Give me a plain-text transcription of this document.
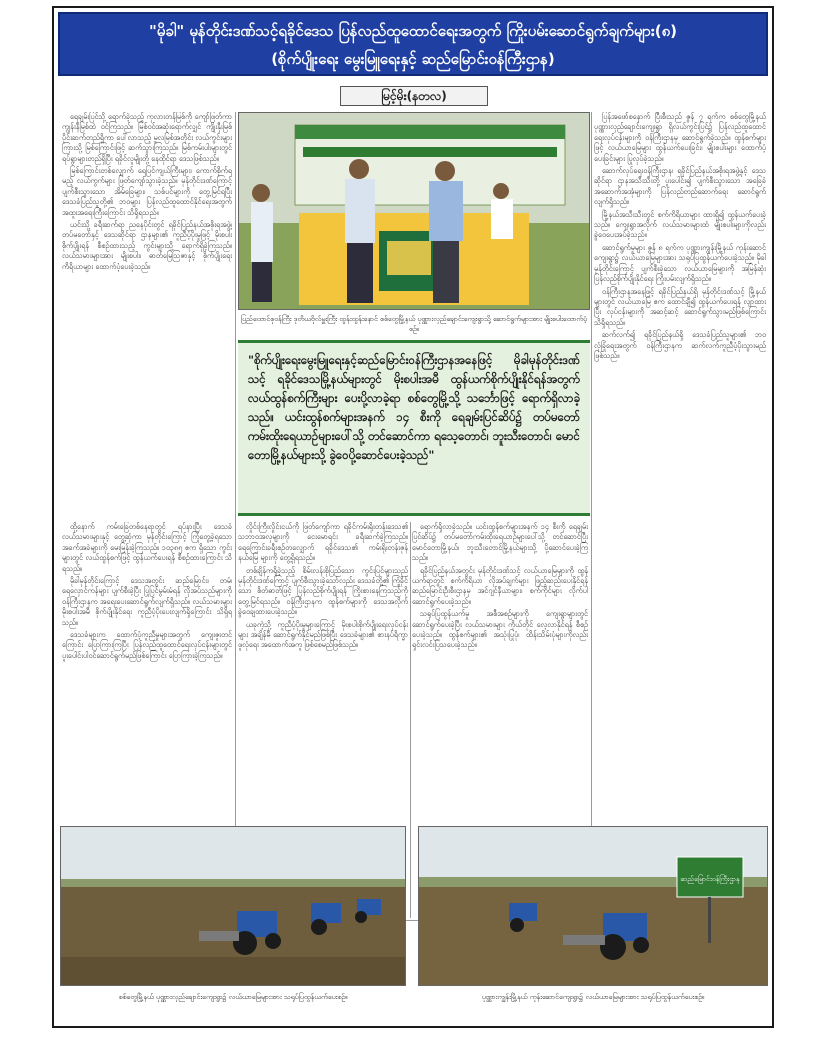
"မိုခါ" မုန်တိုင်းဒဏ်သင့်ရခိုင်ဒေသ ပြန်လည်ထူထောင်ရေးအတွက် ကြိုးပမ်းဆောင်ရွက်ချက်များ(၈)
(စိုက်ပျိုးရေး မွေးမြူရေးနှင့် ဆည်မြောင်းဝန်ကြီးဌာန)
မြင့်မိုး(နတလ)

ရေချမ်းပြင်သို့ ရောက်ခဲ့သည့် ကုလားတန်မြစ်ကို ကျော်ဖြတ်ကာ ကျွန်းနီမြစ်ထဲ ဝင်ကြသည်။ မြစ်ဝဝ်အဆုံးရောက်လျှင် ကျိုးနှီးမြစ်ပိုင်းဆက်တည်ရှိကာ ပေါ်လာသည့် မူလမြစ်အတိုင်း လယ်ကွင်းများကြားသို့ မြစ်ကြောင်းဖြင့် ဆက်သွားကြသည်။ မြစ်ကမ်းပါးများတွင် ရပ်ရွာများတည်ရှိပြီး ရခိုင်လူမျိုးတို့ နေထိုင်ရာ ဒေသဖြစ်သည်။

မြစ်ကြောင်းတစ်လျှောက် ရေပြင်ကျယ်ကြီးများ၊ ကောက်စိုက်ရမည့် လယ်ကွက်များ ဖြတ်ကျော်သွားခဲ့သည်။ မုန်တိုင်းဒဏ်ကြောင့် ပျက်စီးသွားသော အိမ်ခြေများ၊ သစ်ပင်များကို တွေ့မြင်ရပြီး ဒေသခံပြည်သူတို့၏ ဘဝများ ပြန်လည်ထူထောင်နိုင်ရေးအတွက် အထူးအရေးကြီးကြောင်း သိရှိရသည်။

ယင်းသို့ ခရီးဆက်ရာ ညနေပိုင်းတွင် ရခိုင်ပြည်နယ်အစိုးရအဖွဲ့၊ တပ်မတော်နှင့် ဒေသဆိုင်ရာ ဌာနများ၏ ကူညီပံ့ပိုးမှုဖြင့် မိုးစပါးစိုက်ပျိုးရန် စီစဉ်ထားသည့် ကွင်းများသို့ ရောက်ရှိခဲ့ကြသည်။ လယ်သမားများအား မျိုးစပါး၊ ဓာတ်မြေဩဇာနှင့် စိုက်ပျိုးရေးကိရိယာများ ထောက်ပံ့ပေးခဲ့သည်။

ပြည်ထောင်စုဝန်ကြီး ဒုတိယဗိုလ်မှူးကြီး ထွန်းထွန်းနောင် စစ်တွေမြို့နယ် ပုဏ္ဏားလှည်ချောင်းကျေးရွာသို့ ဆောင်ရွက်များအား မျိုးစပါးထောက်ပံ့စဉ်။
"စိုက်ပျိုးရေးမွေးမြူရေးနှင့်ဆည်မြောင်းဝန်ကြီးဌာနအနေဖြင့် မိုခါမုန်တိုင်းဒဏ်သင့် ရခိုင်ဒေသမြို့နယ်များတွင် မိုးစပါးအမီ ထွန်ယက်စိုက်ပျိုးနိုင်ရန်အတွက် လယ်ထွန်စက်ကြီးများ ပေးပို့လာခဲ့ရာ စစ်တွေမြို့သို့ သင်္ဘောဖြင့် ရောက်ရှိလာခဲ့သည်။ ယင်းထွန်စက်များအနက် ၁၄ စီးကို ရေချမ်းပြင်ဆိပ်၌ တပ်မတော်ကမ်းထိုးရေယာဉ်များပေါ်သို့ တင်ဆောင်ကာ ရသေ့တောင်၊ ဘူးသီးတောင်၊ မောင်တောမြို့နယ်များသို့ ခွဲဝေပို့ဆောင်ပေးခဲ့သည်"

ထို့နောက် ကမ်းခြေတစ်နေရာတွင် ရပ်နားပြီး ဒေသခံ လယ်သမားများနှင့် တွေ့ဆုံကာ မုန်တိုင်းကြောင့် ကြုံတွေ့ခဲ့ရသော အခက်အခဲများကို မေးမြန်းခဲ့ကြသည်။ ၁၀၃၈၅ ဧက ရှိသော ကွင်းများတွင် လယ်ထွန်စက်ဖြင့် ထွန်ယက်ပေးရန် စီစဉ်ထားကြောင်း သိရသည်။

မိုခါမုန်တိုင်းကြောင့် ဒေသအတွင်း ဆည်မြောင်း၊ တမံ၊ ရေလှောင်ကန်များ ပျက်စီးခဲ့ပြီး ပြုပြင်မွမ်းမံရန် လိုအပ်သည်များကို ဝန်ကြီးဌာနက အရေးပေးဆောင်ရွက်လျက်ရှိသည်။ လယ်သမားများ မိုးစပါးအမီ စိုက်ပျိုးနိုင်ရေး ကူညီပံ့ပိုးပေးလျက်ရှိကြောင်း သိရှိရသည်။

ဒေသခံများက ထောက်ပံ့ကူညီမှုများအတွက် ကျေးဇူးတင်ကြောင်း ပြောကြားကြပြီး ပြန်လည်ထူထောင်ရေးလုပ်ငန်းများတွင် ပူးပေါင်းပါဝင်ဆောင်ရွက်မည်ဖြစ်ကြောင်း ပြောကြားခဲ့ကြသည်။

လှိုင်းကြီးလှိုင်းငယ်ကို ဖြတ်ကျော်ကာ ရခိုင်ကမ်းရိုးတန်းဒေသ၏ သဘာဝအလှများကို ငေးမောရင်း ခရီးဆက်ခဲ့ကြသည်။ ရေကြောင်းခရီးစဉ်တလျှောက် ရခိုင်ဒေသ၏ ကမ်းရိုးတန်းဇုန်နယ်မြေ များကို တွေ့ရှိရသည်။

တစ်ချိန်ကရှိခဲ့သည့် စိမ်းလန်းစိုပြည်သော ကွင်းပြင်များသည် မုန်တိုင်းဒဏ်ကြောင့် ပျက်စီးသွားခဲ့သော်လည်း ဒေသခံတို့၏ ကြံ့ခိုင်သော စိတ်ဓာတ်ဖြင့် ပြန်လည်စိုက်ပျိုးရန် ကြိုးစားနေကြသည်ကို တွေ့မြင်ရသည်။ ဝန်ကြီးဌာနက ထွန်စက်များကို ဒေသအလိုက် ခွဲဝေချထားပေးခဲ့သည်။

ယခုကဲ့သို့ ကူညီပံ့ပိုးမှုများကြောင့် မိုးစပါးစိုက်ပျိုးရေးလုပ်ငန်းများ အချိန်မီ ဆောင်ရွက်နိုင်မည်ဖြစ်ပြီး ဒေသခံများ၏ စားနပ်ရိက္ခာဖူလုံရေး အထောက်အကူ ဖြစ်စေမည်ဖြစ်သည်။

ရောက်ရှိလာခဲ့သည်။ ယင်းထွန်စက်များအနက် ၁၄ စီးကို ရေချမ်းပြင်ဆိပ်၌ တပ်မတော်ကမ်းထိုးရေယာဉ်များပေါ်သို့ တင်ဆောင်ပြီး မောင်တောမြို့နယ်၊ ဘူးသီးတောင်မြို့နယ်များသို့ ပို့ဆောင်ပေးခဲ့ကြသည်။

ရခိုင်ပြည်နယ်အတွင်း မုန်တိုင်းဒဏ်သင့် လယ်ယာမြေများကို ထွန်ယက်ရာတွင် စက်ကိရိယာ လိုအပ်ချက်များ ဖြည့်ဆည်းပေးနိုင်ရန် ဆည်မြောင်းဦးစီးဌာနမှ အင်ဂျင်နီယာများ၊ စက်ကိုင်များ လိုက်ပါဆောင်ရွက်ပေးခဲ့သည်။

သရုပ်ပြထွန်ယက်မှု အစီအစဉ်များကို ကျေးရွာများတွင် ဆောင်ရွက်ပေးခဲ့ပြီး လယ်သမားများ ကိုယ်တိုင် လေ့လာနိုင်ရန် စီစဉ်ပေးခဲ့သည်။ ထွန်စက်များ၏ အသုံးပြုပုံ၊ ထိန်းသိမ်းပုံများကိုလည်း ရှင်းလင်းပြသပေးခဲ့သည်။

ပြန်အဖော်စနောက် ပြီးစီးသည် ဇွန် ၇ ရက်က စစ်တွေမြို့နယ် ပုဏ္ဏားလှည်ချောင်းကျေးရွာ ရှိလယ်ကွင်းပြင်၌ ပြန်လည်ထူထောင်ရေးလုပ်ငန်းများကို ဝန်ကြီးဌာနမှ ဆောင်ရွက်ခဲ့သည်။ ထွန်စက်များဖြင့် လယ်ယာမြေများ ထွန်ယက်ပေးခြင်း၊ မျိုးစပါးများ ထောက်ပံ့ပေးခြင်းများ ပြုလုပ်ခဲ့သည်။

ဆောက်လုပ်ရေးဝန်ကြီးဌာန၊ ရခိုင်ပြည်နယ်အစိုးရအဖွဲ့နှင့် ဒေသဆိုင်ရာ ဌာနအသီးသီးတို့ ပူးပေါင်း၍ ပျက်စီးသွားသော အခြေခံအဆောက်အအုံများကို ပြန်လည်တည်ဆောက်ရေး ဆောင်ရွက်လျက်ရှိသည်။

မြို့နယ်အသီးသီးတွင် စက်ကိရိယာများ ထားရှိ၍ ထွန်ယက်ပေးခဲ့သည်။ ကျေးရွာအလိုက် လယ်သမားများထံ မျိုးစပါးများကိုလည်း ခွဲဝေပေးအပ်ခဲ့သည်။

ဆောင်ရွက်မှုများ ဇွန် ၈ ရက်က ပုဏ္ဏားကျွန်းမြို့နယ် ကုန်းဆောင်ကျေးရွာ၌ လယ်ယာမြေများအား သရုပ်ပြထွန်ယက်ပေးခဲ့သည်။ မိုခါမုန်တိုင်းကြောင့် ပျက်စီးခဲ့သော လယ်ယာမြေများကို အမြန်ဆုံး ပြန်လည်စိုက်ပျိုးနိုင်ရေး ကြိုးပမ်းလျက်ရှိသည်။

ဝန်ကြီးဌာနအနေဖြင့် ရခိုင်ပြည်နယ်ရှိ မုန်တိုင်းဒဏ်သင့် မြို့နယ်များတွင် လယ်ယာမြေ ဧက ထောင်ချီ၍ ထွန်ယက်ပေးရန် လျာထားပြီး လုပ်ငန်းများကို အဆင့်ဆင့် ဆောင်ရွက်သွားမည်ဖြစ်ကြောင်း သိရှိရသည်။

ဆက်လက်၍ ရခိုင်ပြည်နယ်ရှိ ဒေသခံပြည်သူများ၏ ဘဝလုံခြုံရေးအတွက် ဝန်ကြီးဌာနက ဆက်လက်ကူညီပံ့ပိုးသွားမည် ဖြစ်သည်။

စစ်တွေမြို့နယ် ပုဏ္ဏားလှည်ချောင်းကျေးရွာ၌ လယ်ယာမြေများအား သရုပ်ပြထွန်ယက်ပေးစဉ်။
ဆည်မြောင်းဝန်ကြီးဌာန
ပုဏ္ဏားကျွန်းမြို့နယ် ကုန်းဆောင်ကျေးရွာ၌ လယ်ယာမြေများအား သရုပ်ပြထွန်ယက်ပေးစဉ်။
